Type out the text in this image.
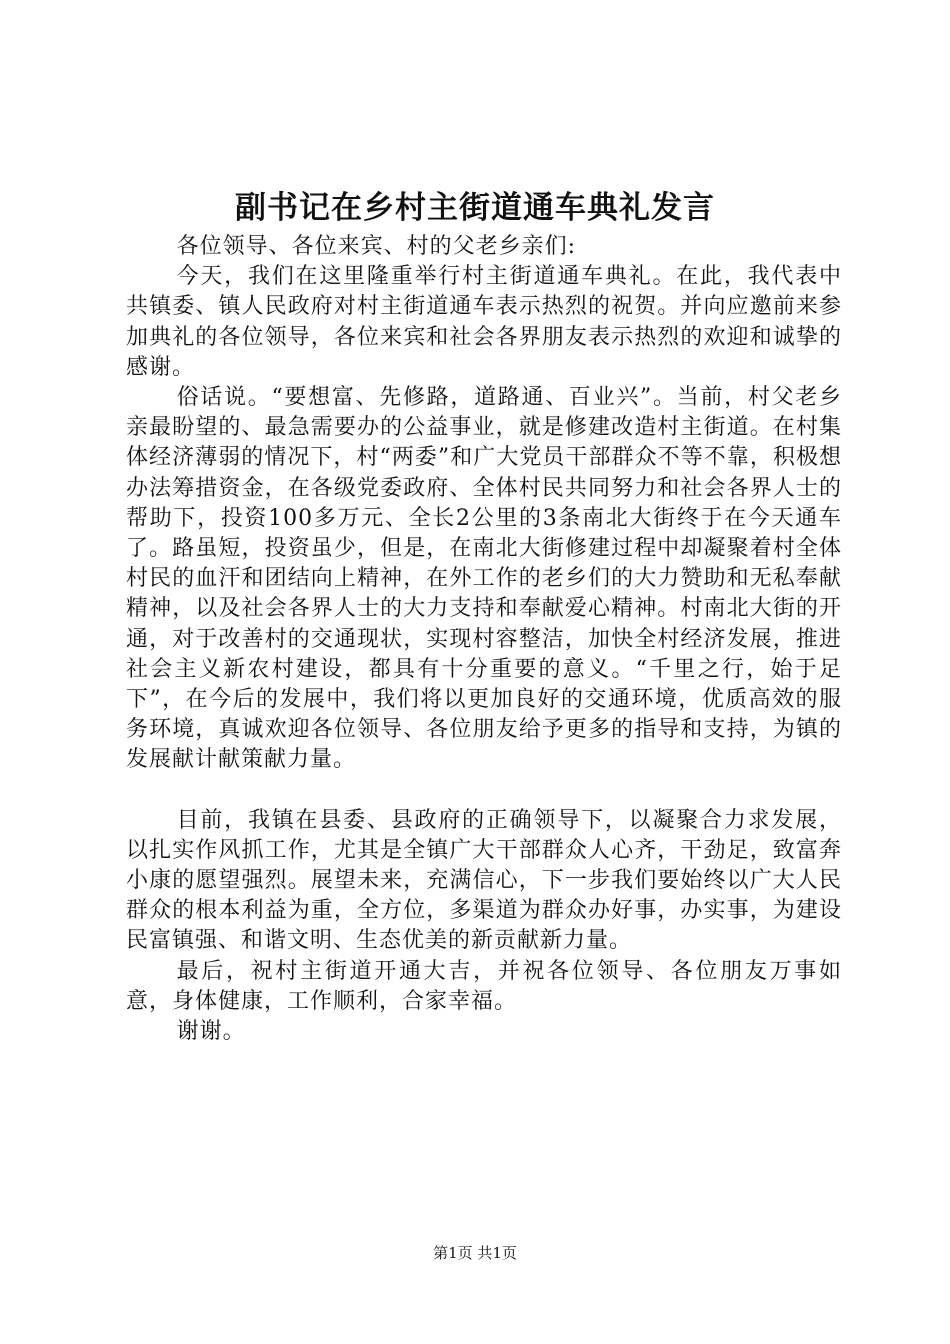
副书记在乡村主街道通车典礼发言

各位领导、各位来宾、村的父老乡亲们:

今天，我们在这里隆重举行村主街道通车典礼。在此，我代表中共镇委、镇人民政府对村主街道通车表示热烈的祝贺。并向应邀前来参加典礼的各位领导，各位来宾和社会各界朋友表示热烈的欢迎和诚挚的感谢。

俗话说。“要想富、先修路，道路通、百业兴”。当前，村父老乡亲最盼望的、最急需要办的公益事业，就是修建改造村主街道。在村集体经济薄弱的情况下，村“两委”和广大党员干部群众不等不靠，积极想办法筹措资金，在各级党委政府、全体村民共同努力和社会各界人士的帮助下，投资100多万元、全长2公里的3条南北大街终于在今天通车了。路虽短，投资虽少，但是，在南北大街修建过程中却凝聚着村全体村民的血汗和团结向上精神，在外工作的老乡们的大力赞助和无私奉献精神，以及社会各界人士的大力支持和奉献爱心精神。村南北大街的开通，对于改善村的交通现状，实现村容整洁，加快全村经济发展，推进社会主义新农村建设，都具有十分重要的意义。“千里之行，始于足下”，在今后的发展中，我们将以更加良好的交通环境，优质高效的服务环境，真诚欢迎各位领导、各位朋友给予更多的指导和支持，为镇的发展献计献策献力量。

目前，我镇在县委、县政府的正确领导下，以凝聚合力求发展，以扎实作风抓工作，尤其是全镇广大干部群众人心齐，干劲足，致富奔小康的愿望强烈。展望未来，充满信心，下一步我们要始终以广大人民群众的根本利益为重，全方位，多渠道为群众办好事，办实事，为建设民富镇强、和谐文明、生态优美的新贡献新力量。

最后，祝村主街道开通大吉，并祝各位领导、各位朋友万事如意，身体健康，工作顺利，合家幸福。

谢谢。

第1页 共1页
